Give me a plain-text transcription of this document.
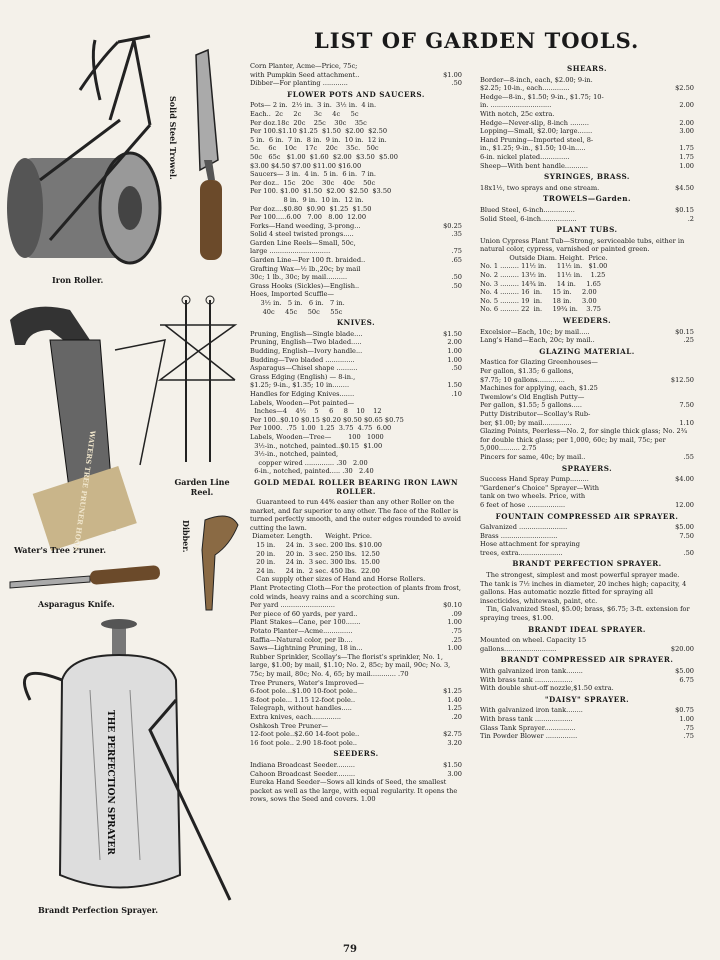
LIST OF GARDEN TOOLS.
Iron Roller.
Solid Steel Trowel.
Water's Tree Pruner.
Garden Line Reel.
Dibber.
Asparagus Knife.
Brandt Perfection Sprayer.
WATERS TREE PRUNER HOOK
THE PERFECTION SPRAYER
Corn Planter, Acme—Price, 75c;
with Pumpkin Seed attachment..	$1.00
Dibber—For planting ............	.50
FLOWER POTS AND SAUCERS.

Pots— 2 in.  2½ in.  3 in.  3½ in.  4 in.

Each..  2c     2c      3c     4c     5c

Per doz.18c  20c    25c    30c    35c

Per 100.$1.10 $1.25  $1.50  $2.00  $2.50

5 in.  6 in.  7 in.  8 in.  9 in.  10 in.  12 in.

5c.    6c    10c    17c    20c    35c.   50c

50c   65c   $1.00  $1.60  $2.00  $3.50  $5.00

$3.00 $4.50 $7.00 $11.00 $16.00

Saucers— 3 in.  4 in.  5 in.  6 in.  7 in.

Per doz..  15c   20c    30c    40c    50c

Per 100. $1.00  $1.50  $2.00  $2.50  $3.50

8 in.  9 in.  10 in.  12 in.

Per doz....$0.80  $0.90  $1.25  $1.50

Per 100.....6.00   7.00   8.00  12.00

Forks—Hand weeding, 3-prong...	$0.25
Solid 4 steel twisted prongs.....	.35
Garden Line Reels—Small, 50c,
large .............................	.75
Garden Line—Per 100 ft. braided..	.65
Grafting Wax—½ lb.,20c; by mail
30c; 1 lb., 30c; by mail..........	.50
Grass Hooks (Sickles)—English..	.50
Hoes, Imported Scuffle—

3½ in.   5 in.   6 in.   7 in.

40c     45c     50c     55c

KNIVES.
Pruning, English—Single blade....	$1.50
Pruning, English—Two bladed.....	2.00
Budding, English—Ivory handle...	1.00
Budding—Two bladed ..............	1.00
Asparagus—Chisel shape ..........	.50
Grass Edging (English) — 8-in.,
$1.25; 9-in., $1.35; 10 in........	1.50
Handles for Edging Knives.......	.10
Labels, Wooden—Pot painted—

Inches—4    4½    5     6     8    10    12

Per 100..$0.10 $0.15 $0.20 $0.50 $0.65 $0.75

Per 1000.  .75  1.00  1.25  3.75  4.75  6.00

Labels, Wooden—Tree—        100   1000

3½-in., notched, painted..$0.15  $1.00

3½-in., notched, painted,

copper wired .............. .30   2.00

6-in., notched, painted..... .30   2.40

GOLD MEDAL ROLLER BEARING IRON LAWN ROLLER.

Guaranteed to run 44% easier than any other Roller on the market, and far superior to any other. The face of the Roller is turned perfectly smooth, and the outer edges rounded to avoid cutting the lawn.

Diameter. Length.      Weight. Price.

15 in.     24 in.  3 sec. 200 lbs. $10.00

20 in.     20 in.  3 sec. 250 lbs.  12.50

20 in.     24 in.  3 sec. 300 lbs.  15.00

24 in.     24 in.  2 sec. 450 lbs.  22.00

Can supply other sizes of Hand and Horse Rollers.

Plant Protecting Cloth—For the protection of plants from frost, cold winds, heavy rains and a scorching sun.

Per yard ..........................	$0.10
Per piece of 60 yards, per yard..	.09
Plant Stakes—Cane, per 100.......	1.00
Potato Planter—Acme..............	.75
Raffia—Natural color, per lb....	.25
Saws—Lightning Pruning, 18 in...	1.00

Rubber Sprinkler, Scollay's—The florist's sprinkler, No. 1, large, $1.00; by mail, $1.10; No. 2, 85c; by mail, 90c; No. 3, 75c; by mail, 80c; No. 4, 65; by mail............ .70

Tree Pruners, Water's Improved—
6-foot pole...$1.00 10-foot pole..	$1.25
8-foot pole... 1.15 12-foot pole..	1.40
Telegraph, without handles.....	1.25
Extra knives, each..............	.20
Oshkosh Tree Pruner—
12-foot pole..$2.60 14-foot pole..	$2.75
16 foot pole.. 2.90 18-foot pole..	3.20
SEEDERS.
Indiana Broadcast Seeder.........	$1.50
Cahoon Broadcast Seeder.........	3.00

Eureka Hand Seeder—Sows all kinds of Seed, the smallest packet as well as the large, with equal regularity. It opens the rows, sows the Seed and covers. 1.00

SHEARS.
Border—8-inch, each, $2.00; 9-in.
$2.25; 10-in., each.............	$2.50
Hedge—8-in., $1.50; 9-in., $1.75; 10-
in. .............................	2.00
With notch, 25c extra.
Hedge—Never-slip, 8-inch .........	2.00
Lopping—Small, $2.00; large.......	3.00
Hand Pruning—Imported steel, 8-
in., $1.25; 9-in., $1.50; 10-in.....	1.75
6-in. nickel plated..............	1.75
Sheep—With bent handle...........	1.00
SYRINGES, BRASS.
18x1½, two sprays and one stream.	$4.50
TROWELS—Garden.
Blued Steel, 6-inch...............	$0.15
Solid Steel, 6-inch.................	.2
PLANT TUBS.

Union Cypress Plant Tub—Strong, serviceable tubs, either in natural color, cypress, varnished or painted green.

Outside Diam. Height.  Price.

No. 1 ......... 11½ in.     11½ in.   $1.00

No. 2 ......... 13½ in.     11½ in.    1.25

No. 3 ......... 14¾ in.     14 in.     1.65

No. 4 ......... 16  in.     15 in.     2.00

No. 5 ......... 19  in.     18 in.     3.00

No. 6 ......... 22  in.     19¾ in.    3.75

WEEDERS.
Excelsior—Each, 10c; by mail.....	$0.15
Lang's Hand—Each, 20c; by mail..	.25
GLAZING MATERIAL.
Mastica for Glazing Greenhouses—
Per gallon, $1.35; 6 gallons,
$7.75; 10 gallons.............	$12.50
Machines for applying, each, $1.25
Twemlow's Old English Putty—
Per gallon, $1.55; 5 gallons.....	7.50
Putty Distributor—Scollay's Rub-
ber, $1.00; by mail..............	1.10

Glazing Points, Peerless—No. 2, for single thick glass; No. 2¾ for double thick glass; per 1,000, 60c; by mail, 75c; per 5,000.......... 2.75

Pincers for same, 40c; by mail..	.55
SPRAYERS.
Success Hand Spray Pump.........	$4.00
"Gardener's Choice" Sprayer—With
tank on two wheels. Price, with
6 feet of hose ..................	12.00
FOUNTAIN COMPRESSED AIR SPRAYER.
Galvanized .......................	$5.00
Brass ...........................	7.50
Hose attachment for spraying
trees, extra.....................	.50
BRANDT PERFECTION SPRAYER.

The strongest, simplest and most powerful sprayer made. The tank is 7½ inches in diameter, 20 inches high; capacity, 4 gallons. Has automatic nozzle fitted for spraying all insecticides, whitewash, paint, etc.

Tin, Galvanized Steel, $5.00; brass, $6.75; 3-ft. extension for spraying trees, $1.00.

BRANDT IDEAL SPRAYER.
Mounted on wheel. Capacity 15
gallons.........................	$20.00
BRANDT COMPRESSED AIR SPRAYER.
With galvanized iron tank........	$5.00
With brass tank ..................	6.75
With double shut-off nozzle,$1.50 extra.
"DAISY" SPRAYER.
With galvanized iron tank........	$0.75
With brass tank ..................	1.00
Glass Tank Sprayer...............	.75
Tin Powder Blower ...............	.75
79
